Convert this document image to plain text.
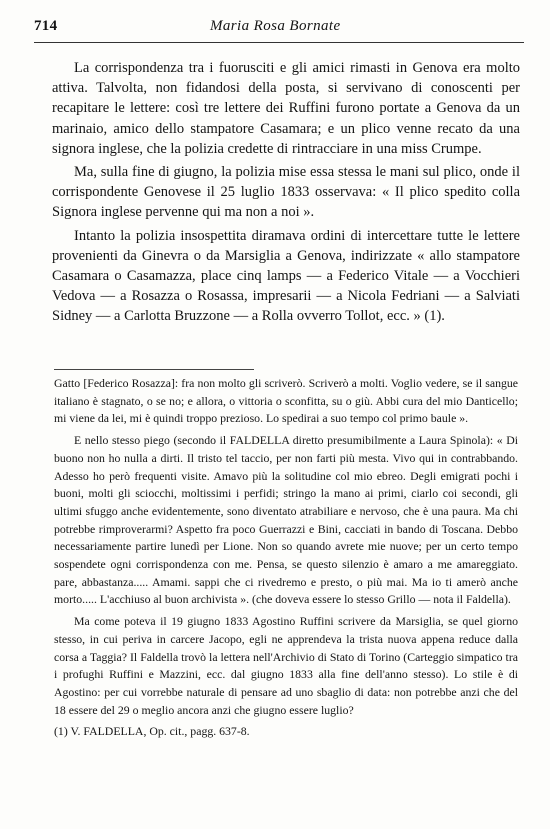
714	Maria Rosa Bornate

La corrispondenza tra i fuorusciti e gli amici rimasti in Genova era molto attiva. Talvolta, non fidandosi della posta, si servivano di conoscenti per recapitare le lettere: così tre lettere dei Ruffini furono portate a Genova da un marinaio, amico dello stampatore Casamara; e un plico venne recato da una signora inglese, che la polizia credette di rintracciare in una miss Crumpe.

Ma, sulla fine di giugno, la polizia mise essa stessa le mani sul plico, onde il corrispondente Genovese il 25 luglio 1833 osservava: « Il plico spedito colla Signora inglese pervenne qui ma non a noi ».

Intanto la polizia insospettita diramava ordini di intercettare tutte le lettere provenienti da Ginevra o da Marsiglia a Genova, indirizzate « allo stampatore Casamara o Casamazza, place cinq lamps — a Federico Vitale — a Vocchieri Vedova — a Rosazza o Rosassa, impresarii — a Nicola Fedriani — a Salviati Sidney — a Carlotta Bruzzone — a Rolla ovverro Tollot, ecc. » (1).

Gatto [Federico Rosazza]: fra non molto gli scriverò. Scriverò a molti. Voglio vedere, se il sangue italiano è stagnato, o se no; e allora, o vittoria o sconfitta, su o giù. Abbi cura del mio Danticello; mi viene da lei, mi è quindi troppo prezioso. Lo spedirai a suo tempo col primo baule ».

E nello stesso piego (secondo il FALDELLA diretto presumibilmente a Laura Spinola): « Di buono non ho nulla a dirti. Il tristo tel taccio, per non farti più mesta. Vivo qui in contrabbando. Adesso ho però frequenti visite. Amavo più la solitudine col mio ebreo. Degli emigrati pochi i buoni, molti gli sciocchi, moltissimi i perfidi; stringo la mano ai primi, ciarlo coi secondi, gli ultimi sfuggo anche evidentemente, sono diventato atrabiliare e nervoso, che è una paura. Ma chi potrebbe rimproverarmi? Aspetto fra poco Guerrazzi e Bini, cacciati in bando di Toscana. Debbo necessariamente partire lunedì per Lione. Non so quando avrete mie nuove; per un certo tempo sospendete ogni corrispondenza con me. Pensa, se questo silenzio è amaro a me amareggiato. pare, abbastanza..... Amami. sappi che ci rivedremo e presto, o più mai. Ma io ti amerò anche morto..... L'acchiuso al buon archivista ». (che doveva essere lo stesso Grillo — nota il Faldella).

Ma come poteva il 19 giugno 1833 Agostino Ruffini scrivere da Marsiglia, se quel giorno stesso, in cui periva in carcere Jacopo, egli ne apprendeva la trista nuova appena reduce dalla corsa a Taggia? Il Faldella trovò la lettera nell'Archivio di Stato di Torino (Carteggio simpatico tra i profughi Ruffini e Mazzini, ecc. dal giugno 1833 alla fine dell'anno stesso). Lo stile è di Agostino: per cui vorrebbe naturale di pensare ad uno sbaglio di data: non potrebbe anzi che del 18 essere del 29 o meglio ancora anzi che giugno essere luglio?

(1) V. FALDELLA, Op. cit., pagg. 637-8.
